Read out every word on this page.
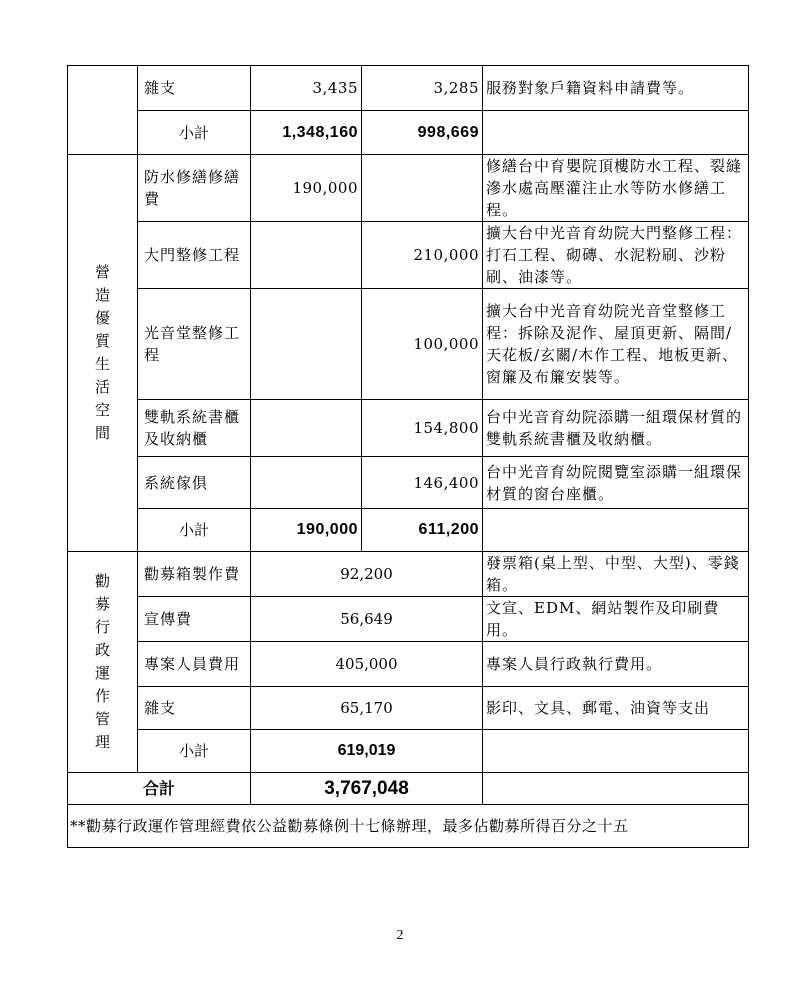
	雜支	3,435	3,285	服務對象戶籍資料申請費等。
	小計	1,348,160	998,669	
營造優質生活空間	防水修繕修繕費	190,000		修繕台中育嬰院頂樓防水工程、裂縫滲水處高壓灌注止水等防水修繕工程。
	大門整修工程		210,000	擴大台中光音育幼院大門整修工程：打石工程、砌磚、水泥粉刷、沙粉刷、油漆等。
	光音堂整修工程		100,000	擴大台中光音育幼院光音堂整修工程：拆除及泥作、屋頂更新、隔間/天花板/玄關/木作工程、地板更新、窗簾及布簾安裝等。
	雙軌系統書櫃及收納櫃		154,800	台中光音育幼院添購一組環保材質的雙軌系統書櫃及收納櫃。
	系統傢俱		146,400	台中光音育幼院閱覽室添購一組環保材質的窗台座櫃。
	小計	190,000	611,200	
勸募行政運作管理	勸募箱製作費	92,200		發票箱(桌上型、中型、大型)、零錢箱。
	宣傳費	56,649		文宣、EDM、網站製作及印刷費用。
	專案人員費用	405,000		專案人員行政執行費用。
	雜支	65,170		影印、文具、郵電、油資等支出
	小計	619,019		
合計		3,767,048		
**勸募行政運作管理經費依公益勸募條例十七條辦理，最多佔勸募所得百分之十五				
2
